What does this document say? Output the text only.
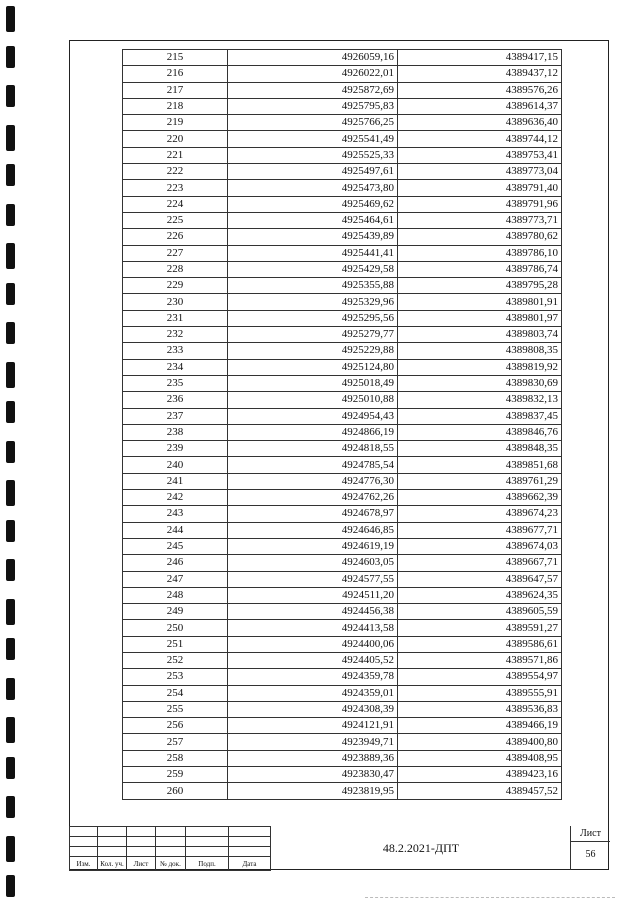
215	4926059,16	4389417,15
216	4926022,01	4389437,12
217	4925872,69	4389576,26
218	4925795,83	4389614,37
219	4925766,25	4389636,40
220	4925541,49	4389744,12
221	4925525,33	4389753,41
222	4925497,61	4389773,04
223	4925473,80	4389791,40
224	4925469,62	4389791,96
225	4925464,61	4389773,71
226	4925439,89	4389780,62
227	4925441,41	4389786,10
228	4925429,58	4389786,74
229	4925355,88	4389795,28
230	4925329,96	4389801,91
231	4925295,56	4389801,97
232	4925279,77	4389803,74
233	4925229,88	4389808,35
234	4925124,80	4389819,92
235	4925018,49	4389830,69
236	4925010,88	4389832,13
237	4924954,43	4389837,45
238	4924866,19	4389846,76
239	4924818,55	4389848,35
240	4924785,54	4389851,68
241	4924776,30	4389761,29
242	4924762,26	4389662,39
243	4924678,97	4389674,23
244	4924646,85	4389677,71
245	4924619,19	4389674,03
246	4924603,05	4389667,71
247	4924577,55	4389647,57
248	4924511,20	4389624,35
249	4924456,38	4389605,59
250	4924413,58	4389591,27
251	4924400,06	4389586,61
252	4924405,52	4389571,86
253	4924359,78	4389554,97
254	4924359,01	4389555,91
255	4924308,39	4389536,83
256	4924121,91	4389466,19
257	4923949,71	4389400,80
258	4923889,36	4389408,95
259	4923830,47	4389423,16
260	4923819,95	4389457,52

Изм.	Кол. уч.	Лист	№ док.	Подп.	Дата
48.2.2021-ДПТ
Лист
56
